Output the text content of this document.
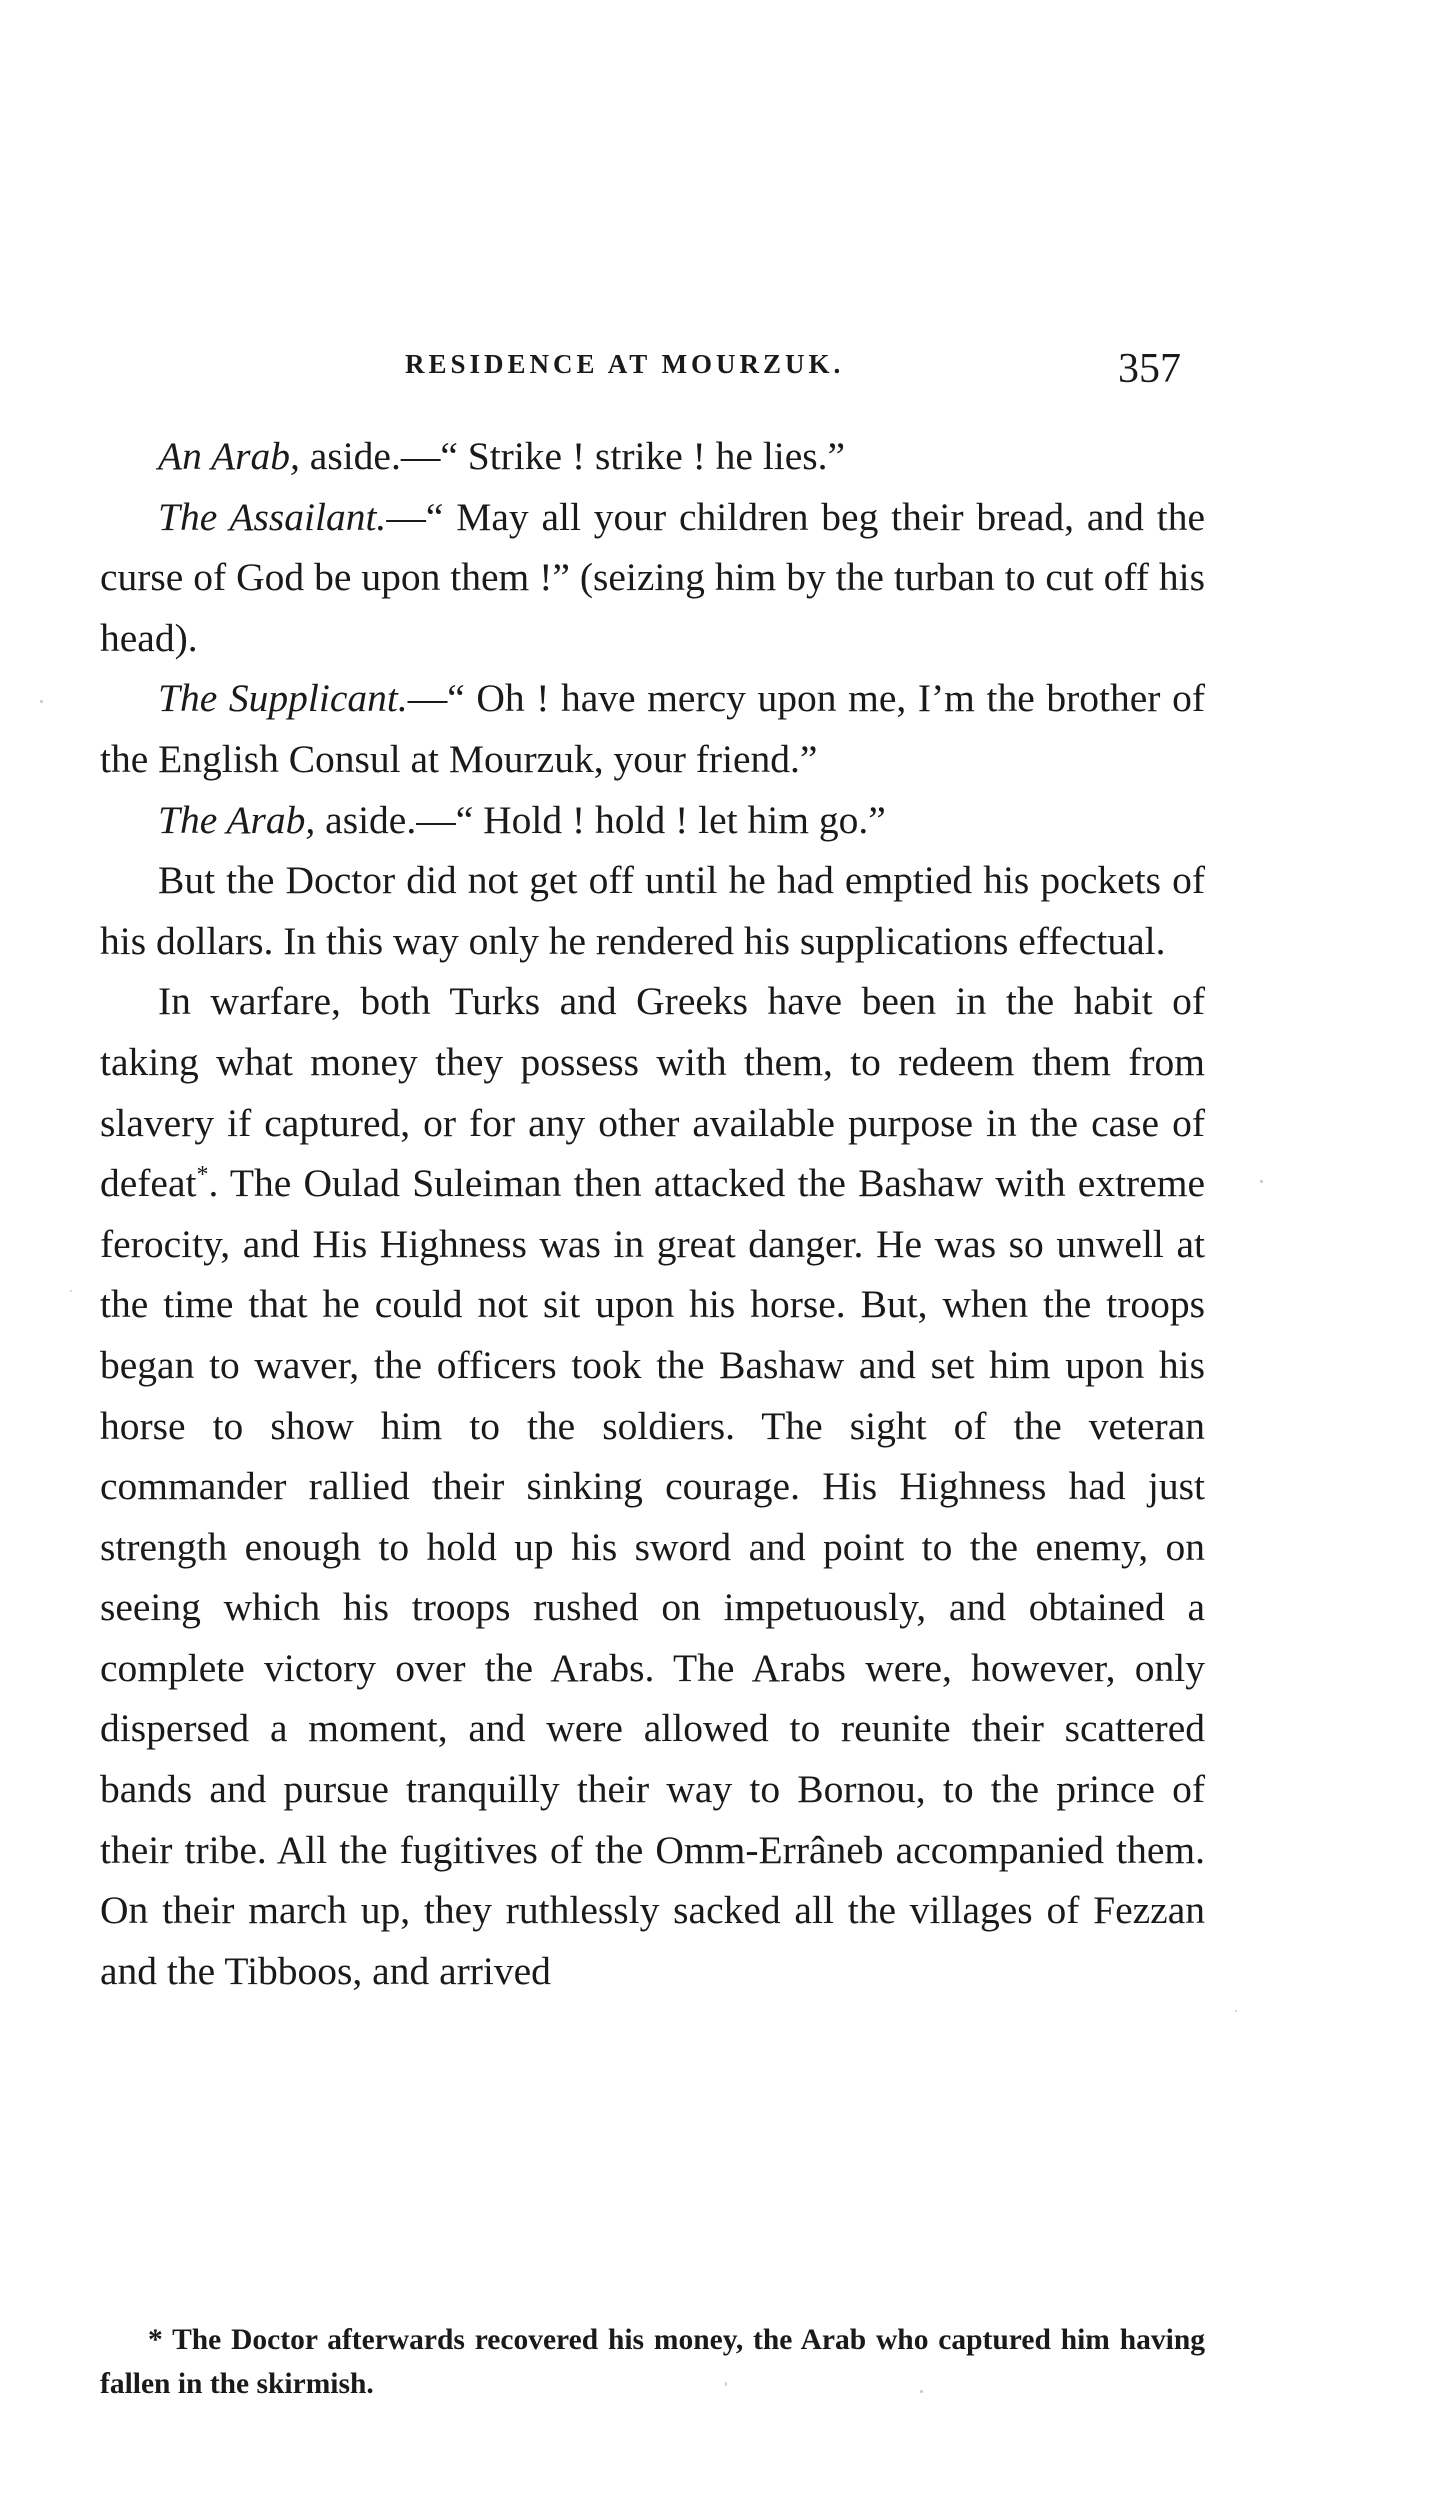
RESIDENCE AT MOURZUK.	357

An Arab, aside.—“ Strike ! strike ! he lies.”

The Assailant.—“ May all your children beg their bread, and the curse of God be upon them !” (seizing him by the turban to cut off his head).

The Supplicant.—“ Oh ! have mercy upon me, I’m the brother of the English Consul at Mourzuk, your friend.”

The Arab, aside.—“ Hold ! hold ! let him go.”

But the Doctor did not get off until he had emptied his pockets of his dollars. In this way only he rendered his supplications effectual.

In warfare, both Turks and Greeks have been in the habit of taking what money they possess with them, to redeem them from slavery if captured, or for any other available purpose in the case of defeat*. The Oulad Suleiman then attacked the Bashaw with extreme ferocity, and His Highness was in great danger. He was so unwell at the time that he could not sit upon his horse. But, when the troops began to waver, the officers took the Bashaw and set him upon his horse to show him to the soldiers. The sight of the veteran commander rallied their sinking courage. His Highness had just strength enough to hold up his sword and point to the enemy, on seeing which his troops rushed on impetuously, and obtained a complete victory over the Arabs. The Arabs were, however, only dispersed a moment, and were allowed to reunite their scattered bands and pursue tranquilly their way to Bornou, to the prince of their tribe. All the fugitives of the Omm-Errâneb accompanied them. On their march up, they ruthlessly sacked all the villages of Fezzan and the Tibboos, and arrived

* The Doctor afterwards recovered his money, the Arab who captured him having fallen in the skirmish.
